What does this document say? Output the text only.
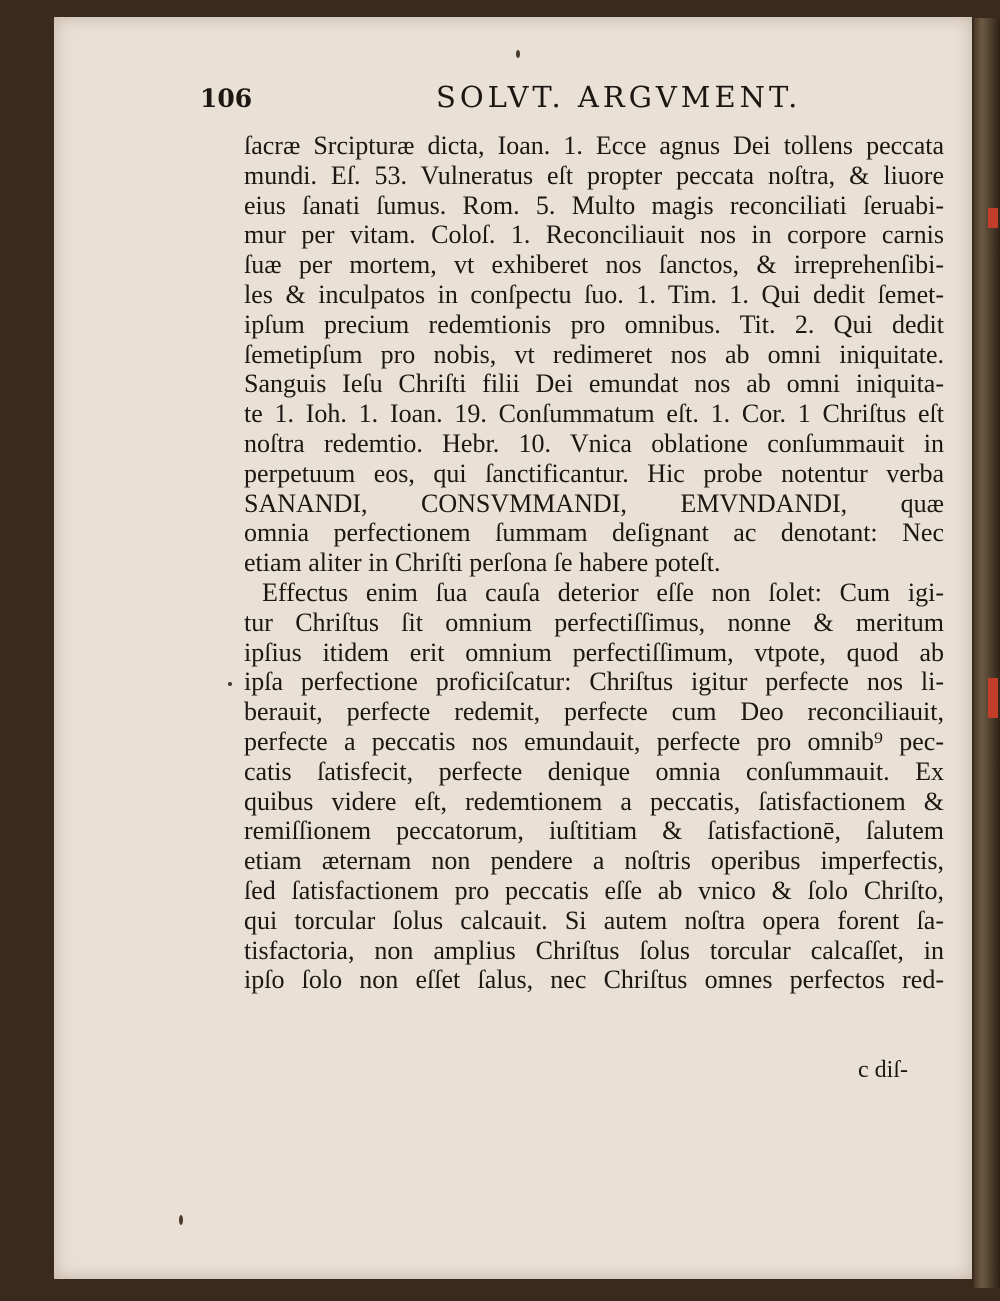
106	SOLVT. ARGVMENT.
ſacræ Srcipturæ dicta, Ioan. 1. Ecce agnus Dei tollens peccata
mundi. Eſ. 53. Vulneratus eſt propter peccata noſtra, & liuore
eius ſanati ſumus. Rom. 5. Multo magis reconciliati ſeruabi-
mur per vitam. Coloſ. 1. Reconciliauit nos in corpore carnis
ſuæ per mortem, vt exhiberet nos ſanctos, & irreprehenſibi-
les & inculpatos in conſpectu ſuo. 1. Tim. 1. Qui dedit ſemet-
ipſum precium redemtionis pro omnibus. Tit. 2. Qui dedit
ſemetipſum pro nobis, vt redimeret nos ab omni iniquitate.
Sanguis Ieſu Chriſti filii Dei emundat nos ab omni iniquita-
te 1. Ioh. 1. Ioan. 19. Conſummatum eſt. 1. Cor. 1 Chriſtus eſt
noſtra redemtio. Hebr. 10. Vnica oblatione conſummauit in
perpetuum eos, qui ſanctificantur. Hic probe notentur verba
SANANDI, CONSVMMANDI, EMVNDANDI, quæ
omnia perfectionem ſummam deſignant ac denotant: Nec
etiam aliter in Chriſti perſona ſe habere poteſt.
Effectus enim ſua cauſa deterior eſſe non ſolet: Cum igi-
tur Chriſtus ſit omnium perfectiſſimus, nonne & meritum
ipſius itidem erit omnium perfectiſſimum, vtpote, quod ab
ipſa perfectione proficiſcatur: Chriſtus igitur perfecte nos li-
berauit, perfecte redemit, perfecte cum Deo reconciliauit,
perfecte a peccatis nos emundauit, perfecte pro omnib⁹ pec-
catis ſatisfecit, perfecte denique omnia conſummauit. Ex
quibus videre eſt, redemtionem a peccatis, ſatisfactionem &
remiſſionem peccatorum, iuſtitiam & ſatisfactionē, ſalutem
etiam æternam non pendere a noſtris operibus imperfectis,
ſed ſatisfactionem pro peccatis eſſe ab vnico & ſolo Chriſto,
qui torcular ſolus calcauit. Si autem noſtra opera forent ſa-
tisfactoria, non amplius Chriſtus ſolus torcular calcaſſet, in
ipſo ſolo non eſſet ſalus, nec Chriſtus omnes perfectos red-
c diſ-
